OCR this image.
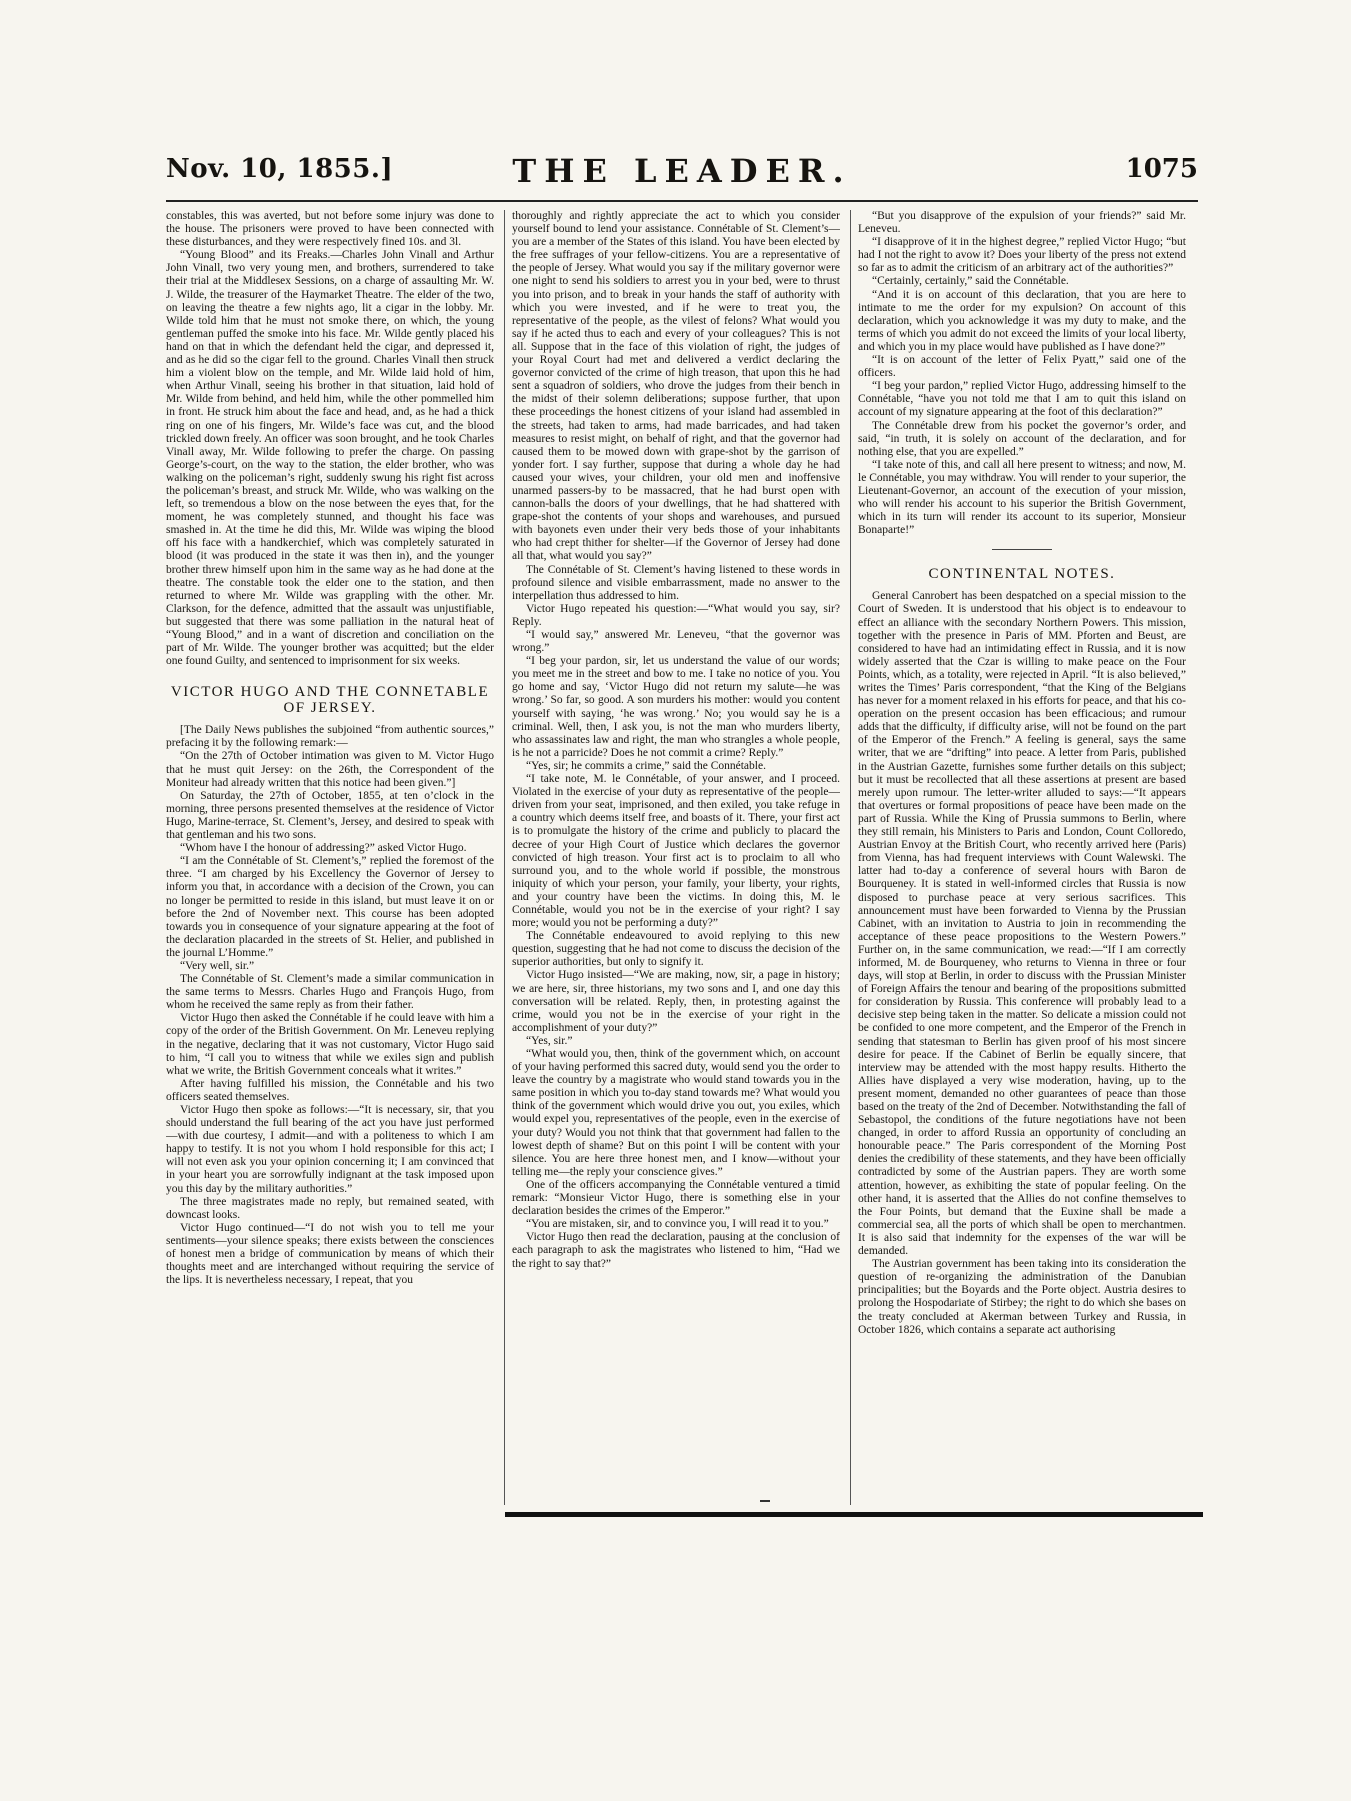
Nov. 10, 1855.]	THE LEADER.	1075

constables, this was averted, but not before some injury was done to the house. The prisoners were proved to have been connected with these disturbances, and they were respectively fined 10s. and 3l.

“Young Blood” and its Freaks.—Charles John Vinall and Arthur John Vinall, two very young men, and brothers, surrendered to take their trial at the Middlesex Sessions, on a charge of assaulting Mr. W. J. Wilde, the treasurer of the Haymarket Theatre. The elder of the two, on leaving the theatre a few nights ago, lit a cigar in the lobby. Mr. Wilde told him that he must not smoke there, on which, the young gentleman puffed the smoke into his face. Mr. Wilde gently placed his hand on that in which the defendant held the cigar, and depressed it, and as he did so the cigar fell to the ground. Charles Vinall then struck him a violent blow on the temple, and Mr. Wilde laid hold of him, when Arthur Vinall, seeing his brother in that situation, laid hold of Mr. Wilde from behind, and held him, while the other pommelled him in front. He struck him about the face and head, and, as he had a thick ring on one of his fingers, Mr. Wilde’s face was cut, and the blood trickled down freely. An officer was soon brought, and he took Charles Vinall away, Mr. Wilde following to prefer the charge. On passing George’s-court, on the way to the station, the elder brother, who was walking on the policeman’s right, suddenly swung his right fist across the policeman’s breast, and struck Mr. Wilde, who was walking on the left, so tremendous a blow on the nose between the eyes that, for the moment, he was completely stunned, and thought his face was smashed in. At the time he did this, Mr. Wilde was wiping the blood off his face with a handkerchief, which was completely saturated in blood (it was produced in the state it was then in), and the younger brother threw himself upon him in the same way as he had done at the theatre. The constable took the elder one to the station, and then returned to where Mr. Wilde was grappling with the other. Mr. Clarkson, for the defence, admitted that the assault was unjustifiable, but suggested that there was some palliation in the natural heat of “Young Blood,” and in a want of discretion and conciliation on the part of Mr. Wilde. The younger brother was acquitted; but the elder one found Guilty, and sentenced to imprisonment for six weeks.

VICTOR HUGO AND THE CONNETABLE OF JERSEY.

[The Daily News publishes the subjoined “from authentic sources,” prefacing it by the following remark:—

“On the 27th of October intimation was given to M. Victor Hugo that he must quit Jersey: on the 26th, the Correspondent of the Moniteur had already written that this notice had been given.”]

On Saturday, the 27th of October, 1855, at ten o’clock in the morning, three persons presented themselves at the residence of Victor Hugo, Marine-terrace, St. Clement’s, Jersey, and desired to speak with that gentleman and his two sons.

“Whom have I the honour of addressing?” asked Victor Hugo.

“I am the Connétable of St. Clement’s,” replied the foremost of the three. “I am charged by his Excellency the Governor of Jersey to inform you that, in accordance with a decision of the Crown, you can no longer be permitted to reside in this island, but must leave it on or before the 2nd of November next. This course has been adopted towards you in consequence of your signature appearing at the foot of the declaration placarded in the streets of St. Helier, and published in the journal L’Homme.”

“Very well, sir.”

The Connétable of St. Clement’s made a similar communication in the same terms to Messrs. Charles Hugo and François Hugo, from whom he received the same reply as from their father.

Victor Hugo then asked the Connétable if he could leave with him a copy of the order of the British Government. On Mr. Leneveu replying in the negative, declaring that it was not customary, Victor Hugo said to him, “I call you to witness that while we exiles sign and publish what we write, the British Government conceals what it writes.”

After having fulfilled his mission, the Connétable and his two officers seated themselves.

Victor Hugo then spoke as follows:—“It is necessary, sir, that you should understand the full bearing of the act you have just performed—with due courtesy, I admit—and with a politeness to which I am happy to testify. It is not you whom I hold responsible for this act; I will not even ask you your opinion concerning it; I am convinced that in your heart you are sorrowfully indignant at the task imposed upon you this day by the military authorities.”

The three magistrates made no reply, but remained seated, with downcast looks.

Victor Hugo continued—“I do not wish you to tell me your sentiments—your silence speaks; there exists between the consciences of honest men a bridge of communication by means of which their thoughts meet and are interchanged without requiring the service of the lips. It is nevertheless necessary, I repeat, that you

thoroughly and rightly appreciate the act to which you consider yourself bound to lend your assistance. Connétable of St. Clement’s—you are a member of the States of this island. You have been elected by the free suffrages of your fellow-citizens. You are a representative of the people of Jersey. What would you say if the military governor were one night to send his soldiers to arrest you in your bed, were to thrust you into prison, and to break in your hands the staff of authority with which you were invested, and if he were to treat you, the representative of the people, as the vilest of felons? What would you say if he acted thus to each and every of your colleagues? This is not all. Suppose that in the face of this violation of right, the judges of your Royal Court had met and delivered a verdict declaring the governor convicted of the crime of high treason, that upon this he had sent a squadron of soldiers, who drove the judges from their bench in the midst of their solemn deliberations; suppose further, that upon these proceedings the honest citizens of your island had assembled in the streets, had taken to arms, had made barricades, and had taken measures to resist might, on behalf of right, and that the governor had caused them to be mowed down with grape-shot by the garrison of yonder fort. I say further, suppose that during a whole day he had caused your wives, your children, your old men and inoffensive unarmed passers-by to be massacred, that he had burst open with cannon-balls the doors of your dwellings, that he had shattered with grape-shot the contents of your shops and warehouses, and pursued with bayonets even under their very beds those of your inhabitants who had crept thither for shelter—if the Governor of Jersey had done all that, what would you say?”

The Connétable of St. Clement’s having listened to these words in profound silence and visible embarrassment, made no answer to the interpellation thus addressed to him.

Victor Hugo repeated his question:—“What would you say, sir? Reply.

“I would say,” answered Mr. Leneveu, “that the governor was wrong.”

“I beg your pardon, sir, let us understand the value of our words; you meet me in the street and bow to me. I take no notice of you. You go home and say, ‘Victor Hugo did not return my salute—he was wrong.’ So far, so good. A son murders his mother: would you content yourself with saying, ‘he was wrong.’ No; you would say he is a criminal. Well, then, I ask you, is not the man who murders liberty, who assassinates law and right, the man who strangles a whole people, is he not a parricide? Does he not commit a crime? Reply.”

“Yes, sir; he commits a crime,” said the Connétable.

“I take note, M. le Connétable, of your answer, and I proceed. Violated in the exercise of your duty as representative of the people—driven from your seat, imprisoned, and then exiled, you take refuge in a country which deems itself free, and boasts of it. There, your first act is to promulgate the history of the crime and publicly to placard the decree of your High Court of Justice which declares the governor convicted of high treason. Your first act is to proclaim to all who surround you, and to the whole world if possible, the monstrous iniquity of which your person, your family, your liberty, your rights, and your country have been the victims. In doing this, M. le Connétable, would you not be in the exercise of your right? I say more; would you not be performing a duty?”

The Connétable endeavoured to avoid replying to this new question, suggesting that he had not come to discuss the decision of the superior authorities, but only to signify it.

Victor Hugo insisted—“We are making, now, sir, a page in history; we are here, sir, three historians, my two sons and I, and one day this conversation will be related. Reply, then, in protesting against the crime, would you not be in the exercise of your right in the accomplishment of your duty?”

“Yes, sir.”

“What would you, then, think of the government which, on account of your having performed this sacred duty, would send you the order to leave the country by a magistrate who would stand towards you in the same position in which you to-day stand towards me? What would you think of the government which would drive you out, you exiles, which would expel you, representatives of the people, even in the exercise of your duty? Would you not think that that government had fallen to the lowest depth of shame? But on this point I will be content with your silence. You are here three honest men, and I know—without your telling me—the reply your conscience gives.”

One of the officers accompanying the Connétable ventured a timid remark: “Monsieur Victor Hugo, there is something else in your declaration besides the crimes of the Emperor.”

“You are mistaken, sir, and to convince you, I will read it to you.”

Victor Hugo then read the declaration, pausing at the conclusion of each paragraph to ask the magistrates who listened to him, “Had we the right to say that?”

“But you disapprove of the expulsion of your friends?” said Mr. Leneveu.

“I disapprove of it in the highest degree,” replied Victor Hugo; “but had I not the right to avow it? Does your liberty of the press not extend so far as to admit the criticism of an arbitrary act of the authorities?”

“Certainly, certainly,” said the Connétable.

“And it is on account of this declaration, that you are here to intimate to me the order for my expulsion? On account of this declaration, which you acknowledge it was my duty to make, and the terms of which you admit do not exceed the limits of your local liberty, and which you in my place would have published as I have done?”

“It is on account of the letter of Felix Pyatt,” said one of the officers.

“I beg your pardon,” replied Victor Hugo, addressing himself to the Connétable, “have you not told me that I am to quit this island on account of my signature appearing at the foot of this declaration?”

The Connétable drew from his pocket the governor’s order, and said, “in truth, it is solely on account of the declaration, and for nothing else, that you are expelled.”

“I take note of this, and call all here present to witness; and now, M. le Connétable, you may withdraw. You will render to your superior, the Lieutenant-Governor, an account of the execution of your mission, who will render his account to his superior the British Government, which in its turn will render its account to its superior, Monsieur Bonaparte!”

CONTINENTAL NOTES.

General Canrobert has been despatched on a special mission to the Court of Sweden. It is understood that his object is to endeavour to effect an alliance with the secondary Northern Powers. This mission, together with the presence in Paris of MM. Pforten and Beust, are considered to have had an intimidating effect in Russia, and it is now widely asserted that the Czar is willing to make peace on the Four Points, which, as a totality, were rejected in April. “It is also believed,” writes the Times’ Paris correspondent, “that the King of the Belgians has never for a moment relaxed in his efforts for peace, and that his co-operation on the present occasion has been efficacious; and rumour adds that the difficulty, if difficulty arise, will not be found on the part of the Emperor of the French.” A feeling is general, says the same writer, that we are “drifting” into peace. A letter from Paris, published in the Austrian Gazette, furnishes some further details on this subject; but it must be recollected that all these assertions at present are based merely upon rumour. The letter-writer alluded to says:—“It appears that overtures or formal propositions of peace have been made on the part of Russia. While the King of Prussia summons to Berlin, where they still remain, his Ministers to Paris and London, Count Colloredo, Austrian Envoy at the British Court, who recently arrived here (Paris) from Vienna, has had frequent interviews with Count Walewski. The latter had to-day a conference of several hours with Baron de Bourqueney. It is stated in well-informed circles that Russia is now disposed to purchase peace at very serious sacrifices. This announcement must have been forwarded to Vienna by the Prussian Cabinet, with an invitation to Austria to join in recommending the acceptance of these peace propositions to the Western Powers.” Further on, in the same communication, we read:—“If I am correctly informed, M. de Bourqueney, who returns to Vienna in three or four days, will stop at Berlin, in order to discuss with the Prussian Minister of Foreign Affairs the tenour and bearing of the propositions submitted for consideration by Russia. This conference will probably lead to a decisive step being taken in the matter. So delicate a mission could not be confided to one more competent, and the Emperor of the French in sending that statesman to Berlin has given proof of his most sincere desire for peace. If the Cabinet of Berlin be equally sincere, that interview may be attended with the most happy results. Hitherto the Allies have displayed a very wise moderation, having, up to the present moment, demanded no other guarantees of peace than those based on the treaty of the 2nd of December. Notwithstanding the fall of Sebastopol, the conditions of the future negotiations have not been changed, in order to afford Russia an opportunity of concluding an honourable peace.” The Paris correspondent of the Morning Post denies the credibility of these statements, and they have been officially contradicted by some of the Austrian papers. They are worth some attention, however, as exhibiting the state of popular feeling. On the other hand, it is asserted that the Allies do not confine themselves to the Four Points, but demand that the Euxine shall be made a commercial sea, all the ports of which shall be open to merchantmen. It is also said that indemnity for the expenses of the war will be demanded.

The Austrian government has been taking into its consideration the question of re-organizing the administration of the Danubian principalities; but the Boyards and the Porte object. Austria desires to prolong the Hospodariate of Stirbey; the right to do which she bases on the treaty concluded at Akerman between Turkey and Russia, in October 1826, which contains a separate act authorising
